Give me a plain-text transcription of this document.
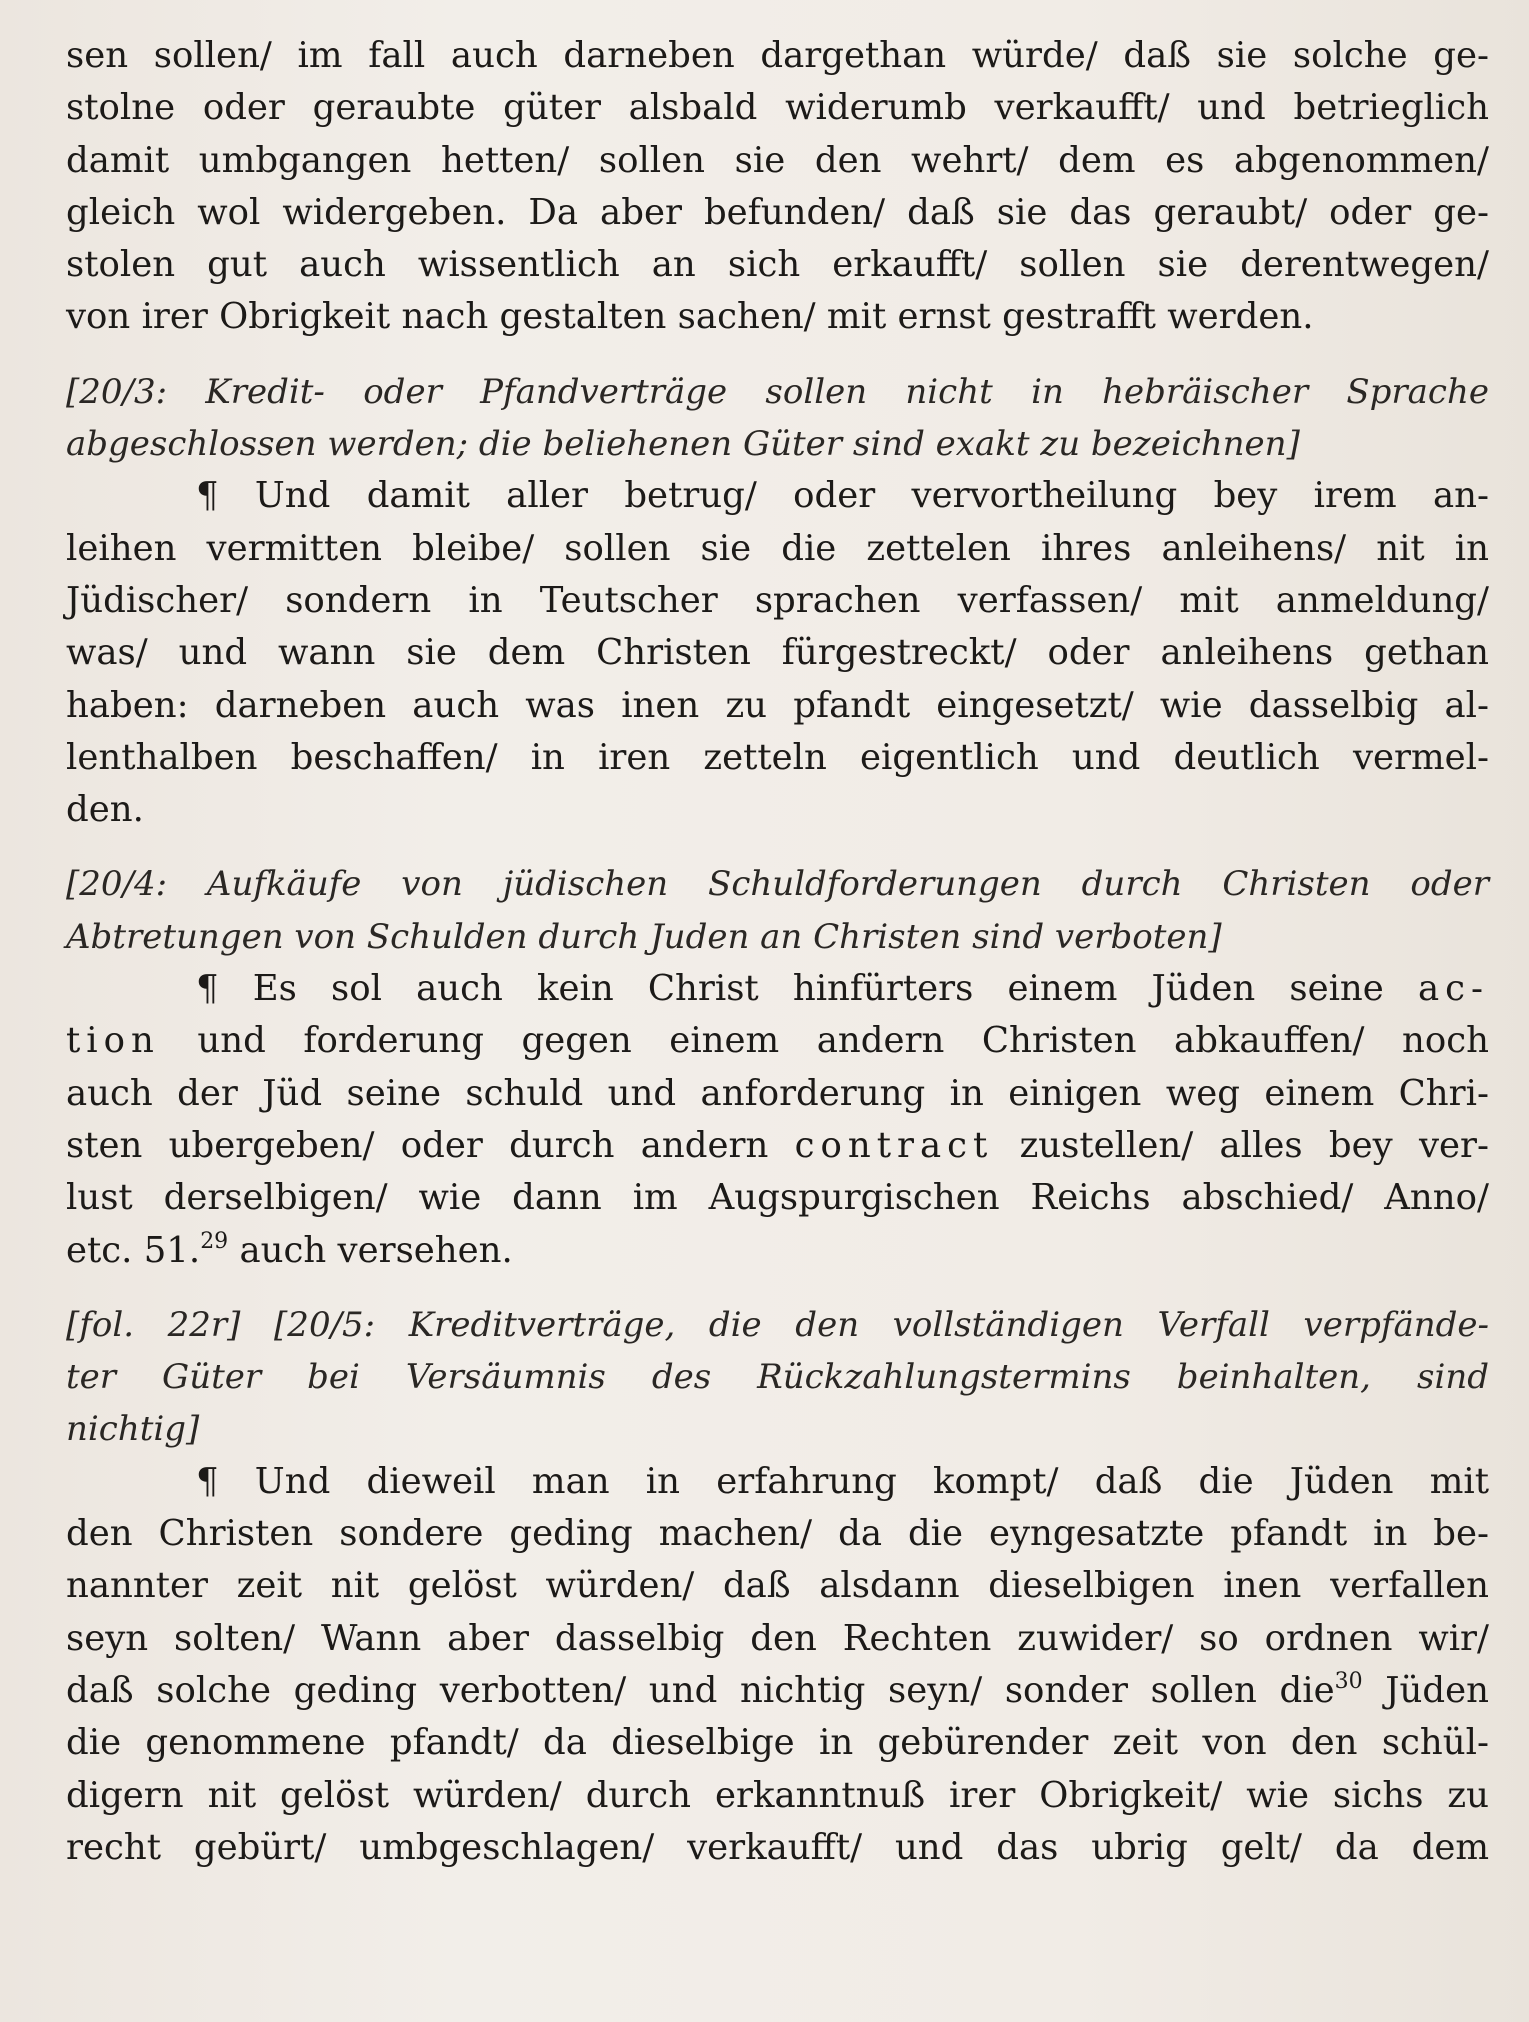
sen sollen/ im fall auch darneben dargethan würde/ daß sie solche ge-
stolne oder geraubte güter alsbald widerumb verkaufft/ und betrieglich
damit umbgangen hetten/ sollen sie den wehrt/ dem es abgenommen/
gleich wol widergeben. Da aber befunden/ daß sie das geraubt/ oder ge-
stolen gut auch wissentlich an sich erkaufft/ sollen sie derentwegen/
von irer Obrigkeit nach gestalten sachen/ mit ernst gestrafft werden.

[20/3: Kredit- oder Pfandverträge sollen nicht in hebräischer Sprache
abgeschlossen werden; die beliehenen Güter sind exakt zu bezeichnen]

¶ Und damit aller betrug/ oder vervortheilung bey irem an-
leihen vermitten bleibe/ sollen sie die zettelen ihres anleihens/ nit in
Jüdischer/ sondern in Teutscher sprachen verfassen/ mit anmeldung/
was/ und wann sie dem Christen fürgestreckt/ oder anleihens gethan
haben: darneben auch was inen zu pfandt eingesetzt/ wie dasselbig al-
lenthalben beschaffen/ in iren zetteln eigentlich und deutlich vermel-
den.

[20/4: Aufkäufe von jüdischen Schuldforderungen durch Christen oder
Abtretungen von Schulden durch Juden an Christen sind verboten]

¶ Es sol auch kein Christ hinfürters einem Jüden seine ac-
tion und forderung gegen einem andern Christen abkauffen/ noch
auch der Jüd seine schuld und anforderung in einigen weg einem Chri-
sten ubergeben/ oder durch andern contract zustellen/ alles bey ver-
lust derselbigen/ wie dann im Augspurgischen Reichs abschied/ Anno/
etc. 51.29 auch versehen.

[fol. 22r] [20/5: Kreditverträge, die den vollständigen Verfall verpfände-
ter Güter bei Versäumnis des Rückzahlungstermins beinhalten, sind
nichtig]

¶ Und dieweil man in erfahrung kompt/ daß die Jüden mit
den Christen sondere geding machen/ da die eyngesatzte pfandt in be-
nannter zeit nit gelöst würden/ daß alsdann dieselbigen inen verfallen
seyn solten/ Wann aber dasselbig den Rechten zuwider/ so ordnen wir/
daß solche geding verbotten/ und nichtig seyn/ sonder sollen die$^{30}$ Jüden
die genommene pfandt/ da dieselbige in gebürender zeit von den schül-
digern nit gelöst würden/ durch erkanntnuß irer Obrigkeit/ wie sichs zu
recht gebürt/ umbgeschlagen/ verkaufft/ und das ubrig gelt/ da dem
